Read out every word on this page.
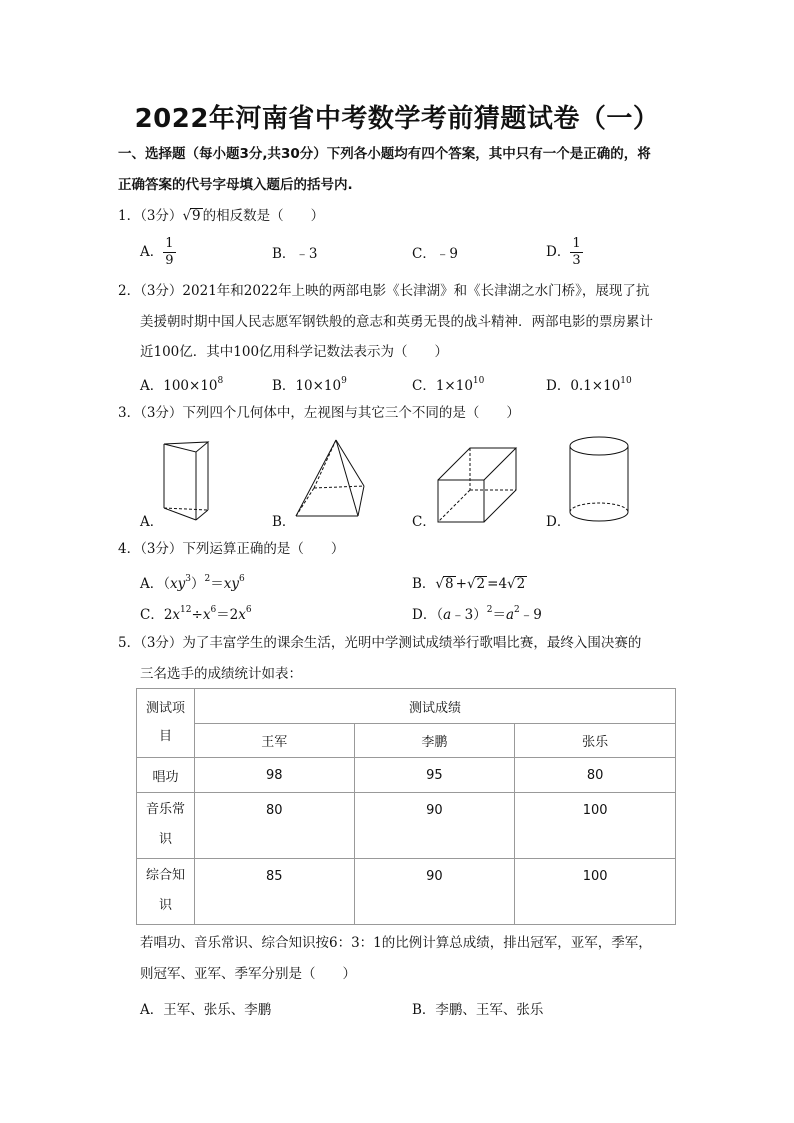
2022年河南省中考数学考前猜题试卷（一）
一、选择题（每小题3分,共30分）下列各小题均有四个答案，其中只有一个是正确的，将
正确答案的代号字母填入题后的括号内.
1．（3分）√9 的相反数是（　　）
A． $\frac{1}{9}$	B．﹣3	C．﹣9	D． $\frac{1}{3}$
2．（3分）2021年和2022年上映的两部电影《长津湖》和《长津湖之水门桥》，展现了抗
美援朝时期中国人民志愿军钢铁般的意志和英勇无畏的战斗精神．两部电影的票房累计
近100亿．其中100亿用科学记数法表示为（　　）
A．$100\times 10^8$	B．$10\times 10^9$	C．$1\times 10^{10}$	D．$0.1\times 10^{10}$
3．（3分）下列四个几何体中，左视图与其它三个不同的是（　　）
A．	B．	C．	D．
4．（3分）下列运算正确的是（　　）
A．$(xy^3)^2=xy^6$	B．√8 +√2 =4√2
C．$2x^{12}\div x^6=2x^6$	D．$(a﹣3)^2=a^2﹣9$
5．（3分）为了丰富学生的课余生活，光明中学测试成绩举行歌唱比赛，最终入围决赛的
三名选手的成绩统计如表：
测试项
目	测试成绩		
	王军	李鹏	张乐

唱功	98	95	80

音乐常
识	80	90	100

综合知
识	85	90	100
若唱功、音乐常识、综合知识按6：3：1的比例计算总成绩，排出冠军，亚军，季军，
则冠军、亚军、季军分别是（　　）
A．王军、张乐、李鹏	B．李鹏、王军、张乐
